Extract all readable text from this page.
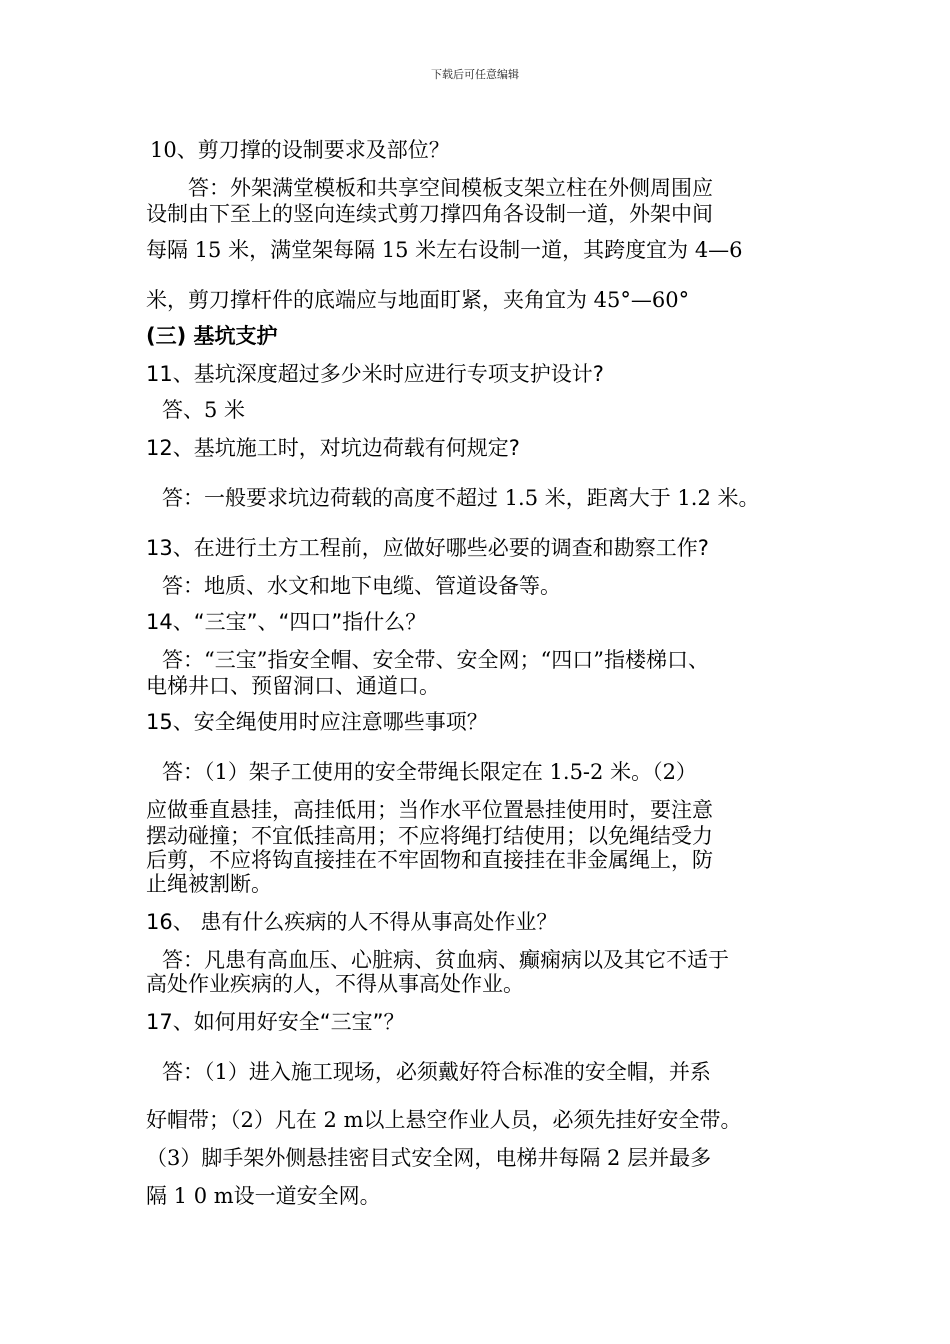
下载后可任意编辑
10、剪刀撑的设制要求及部位？
答：外架满堂模板和共享空间模板支架立柱在外侧周围应
设制由下至上的竖向连续式剪刀撑四角各设制一道，外架中间
每隔 15 米，满堂架每隔 15 米左右设制一道，其跨度宜为 4—6
米，剪刀撑杆件的底端应与地面盯紧，夹角宜为 45°—60°
(三) 基坑支护
11、基坑深度超过多少米时应进行专项支护设计?
答、5 米
12、基坑施工时，对坑边荷载有何规定?
答：一般要求坑边荷载的高度不超过 1.5 米，距离大于 1.2 米。
13、在进行土方工程前，应做好哪些必要的调查和勘察工作?
答：地质、水文和地下电缆、管道设备等。
14、“三宝”、“四口”指什么？
答：“三宝”指安全帽、安全带、安全网；“四口”指楼梯口、
电梯井口、预留洞口、通道口。
15、安全绳使用时应注意哪些事项？
答：（1）架子工使用的安全带绳长限定在 1.5-2 米。（2）
应做垂直悬挂，高挂低用；当作水平位置悬挂使用时，要注意
摆动碰撞；不宜低挂高用；不应将绳打结使用；以免绳结受力
后剪，不应将钩直接挂在不牢固物和直接挂在非金属绳上，防
止绳被割断。
16、 患有什么疾病的人不得从事高处作业？
答：凡患有高血压、心脏病、贫血病、癫痫病以及其它不适于
高处作业疾病的人，不得从事高处作业。
17、如何用好安全“三宝”？
答：（1）进入施工现场，必须戴好符合标准的安全帽，并系
好帽带；（2）凡在 2 m以上悬空作业人员，必须先挂好安全带。
（3）脚手架外侧悬挂密目式安全网，电梯井每隔 2 层并最多
隔 1 0 m设一道安全网。
